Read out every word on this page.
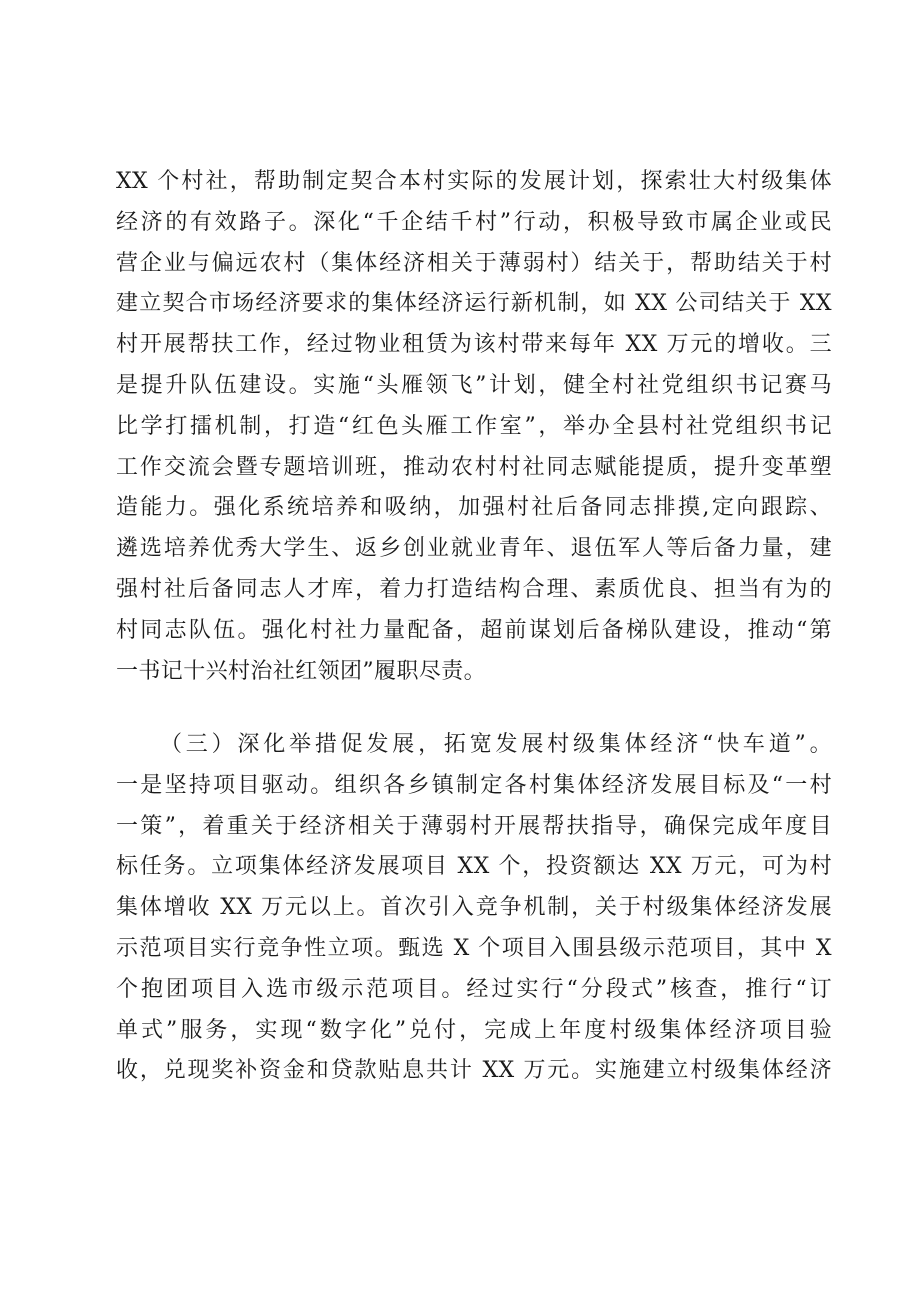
XX 个村社，帮助制定契合本村实际的发展计划，探索壮大村级集体
经济的有效路子。深化“千企结千村”行动，积极导致市属企业或民
营企业与偏远农村（集体经济相关于薄弱村）结关于，帮助结关于村
建立契合市场经济要求的集体经济运行新机制，如 XX 公司结关于 XX
村开展帮扶工作，经过物业租赁为该村带来每年 XX 万元的增收。三
是提升队伍建设。实施“头雁领飞”计划，健全村社党组织书记赛马
比学打擂机制，打造“红色头雁工作室”，举办全县村社党组织书记
工作交流会暨专题培训班，推动农村村社同志赋能提质，提升变革塑
造能力。强化系统培养和吸纳，加强村社后备同志排摸,定向跟踪、
遴选培养优秀大学生、返乡创业就业青年、退伍军人等后备力量，建
强村社后备同志人才库，着力打造结构合理、素质优良、担当有为的
村同志队伍。强化村社力量配备，超前谋划后备梯队建设，推动“第
一书记十兴村治社红领团”履职尽责。
（三）深化举措促发展，拓宽发展村级集体经济“快车道”。
一是坚持项目驱动。组织各乡镇制定各村集体经济发展目标及“一村
一策”，着重关于经济相关于薄弱村开展帮扶指导，确保完成年度目
标任务。立项集体经济发展项目 XX 个，投资额达 XX 万元，可为村
集体增收 XX 万元以上。首次引入竞争机制，关于村级集体经济发展
示范项目实行竞争性立项。甄选 X 个项目入围县级示范项目，其中 X
个抱团项目入选市级示范项目。经过实行“分段式”核查，推行“订
单式”服务，实现“数字化”兑付，完成上年度村级集体经济项目验
收，兑现奖补资金和贷款贴息共计 XX 万元。实施建立村级集体经济
